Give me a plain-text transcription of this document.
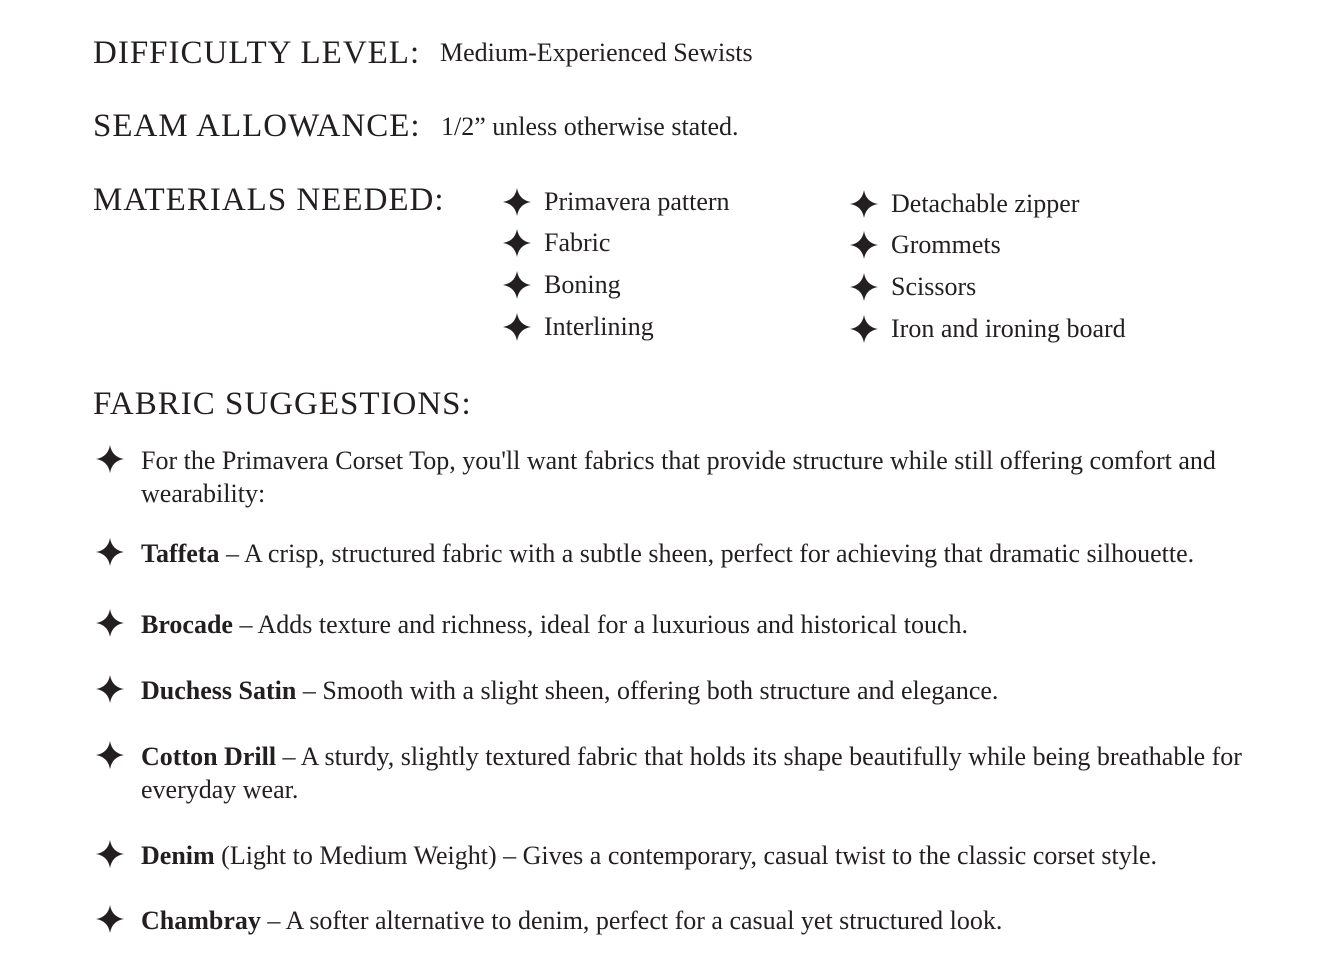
DIFFICULTY LEVEL: Medium-Experienced Sewists
SEAM ALLOWANCE: 1/2” unless otherwise stated.
MATERIALS NEEDED:	Primavera pattern
Fabric
Boning
Interlining
Detachable zipper
Grommets
Scissors
Iron and ironing board
FABRIC SUGGESTIONS:
For the Primavera Corset Top, you'll want fabrics that provide structure while still offering comfort and wearability:
Taffeta – A crisp, structured fabric with a subtle sheen, perfect for achieving that dramatic silhouette.
Brocade – Adds texture and richness, ideal for a luxurious and historical touch.
Duchess Satin – Smooth with a slight sheen, offering both structure and elegance.
Cotton Drill – A sturdy, slightly textured fabric that holds its shape beautifully while being breathable for everyday wear.
Denim (Light to Medium Weight) – Gives a contemporary, casual twist to the classic corset style.
Chambray – A softer alternative to denim, perfect for a casual yet structured look.
